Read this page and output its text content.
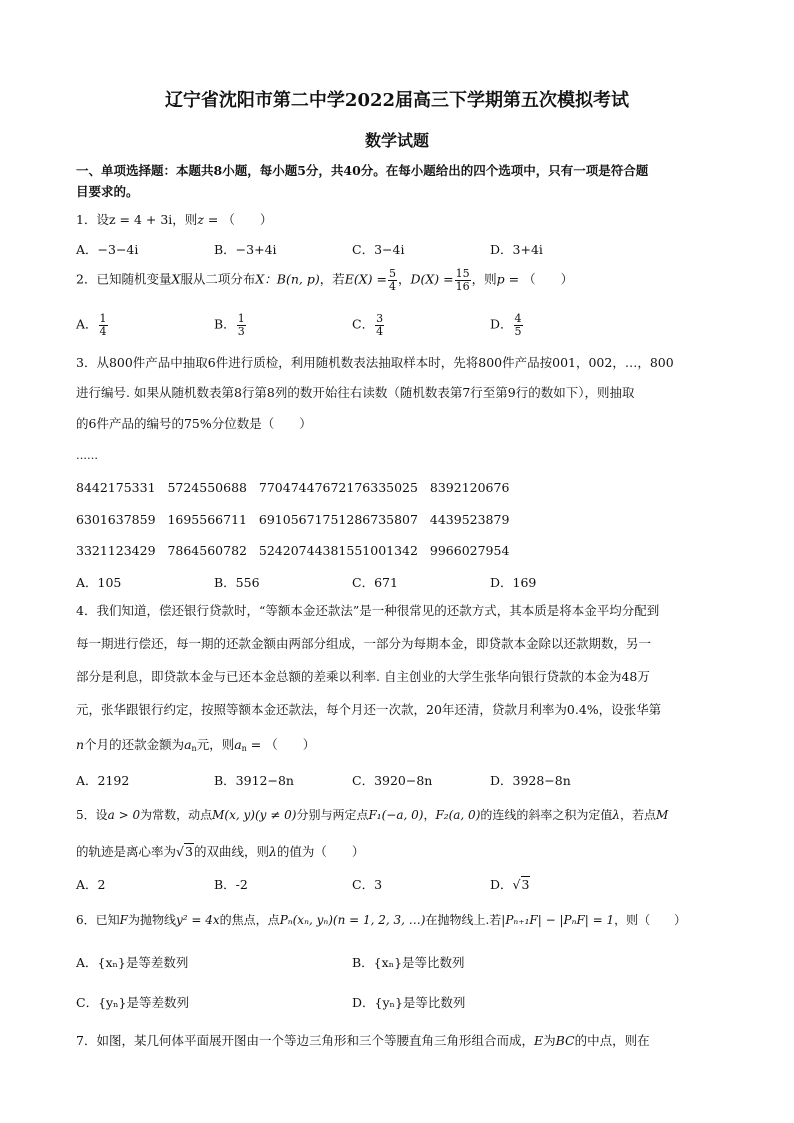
辽宁省沈阳市第二中学2022届高三下学期第五次模拟考试
数学试题
一、单项选择题：本题共8小题，每小题5分，共40分。在每小题给出的四个选项中，只有一项是符合题
目要求的。
1．设z = 4 + 3i，则z = （　　）
A．−3−4i	B．−3+4i	C．3−4i	D．3+4i
2．已知随机变量X服从二项分布X：B(n, p)，若$E(X) = \frac{5}{4}$ ，$D(X) = \frac{15}{16}$ ，则p = （　　）
A． $\frac{1}{4}$	B． $\frac{1}{3}$	C． $\frac{3}{4}$	D． $\frac{4}{5}$
3．从800件产品中抽取6件进行质检，利用随机数表法抽取样本时，先将800件产品按001，002，…，800
进行编号. 如果从随机数表第8行第8列的数开始往右读数（随机数表第7行至第9行的数如下），则抽取
的6件产品的编号的75%分位数是（　　）
……
8442175331 5724550688 77047447672176335025 8392120676
6301637859 1695566711 69105671751286735807 4439523879
3321123429 7864560782 52420744381551001342 9966027954
A．105	B．556	C．671	D．169
4．我们知道，偿还银行贷款时，“等额本金还款法”是一种很常见的还款方式，其本质是将本金平均分配到
每一期进行偿还，每一期的还款金额由两部分组成，一部分为每期本金，即贷款本金除以还款期数，另一
部分是利息，即贷款本金与已还本金总额的差乘以利率. 自主创业的大学生张华向银行贷款的本金为48万
元，张华跟银行约定，按照等额本金还款法，每个月还一次款，20年还清，贷款月利率为0.4%，设张华第
n个月的还款金额为$a_n$元，则$a_n$ = （　　）
A．2192	B．3912−8n	C．3920−8n	D．3928−8n
5．设a > 0为常数，动点M(x, y)(y ≠ 0)分别与两定点F₁(−a, 0)，F₂(a, 0)的连线的斜率之积为定值λ，若点M
的轨迹是离心率为√3的双曲线，则λ的值为（　　）
A．2	B．-2	C．3	D．√3
6．已知F为抛物线y² = 4x的焦点，点Pₙ(xₙ, yₙ)(n = 1, 2, 3, …)在抛物线上.若|Pₙ₊₁F| − |PₙF| = 1，则（　　）
A．{xₙ}是等差数列	B．{xₙ}是等比数列
C．{yₙ}是等差数列	D．{yₙ}是等比数列
7．如图，某几何体平面展开图由一个等边三角形和三个等腰直角三角形组合而成，E为BC的中点，则在
